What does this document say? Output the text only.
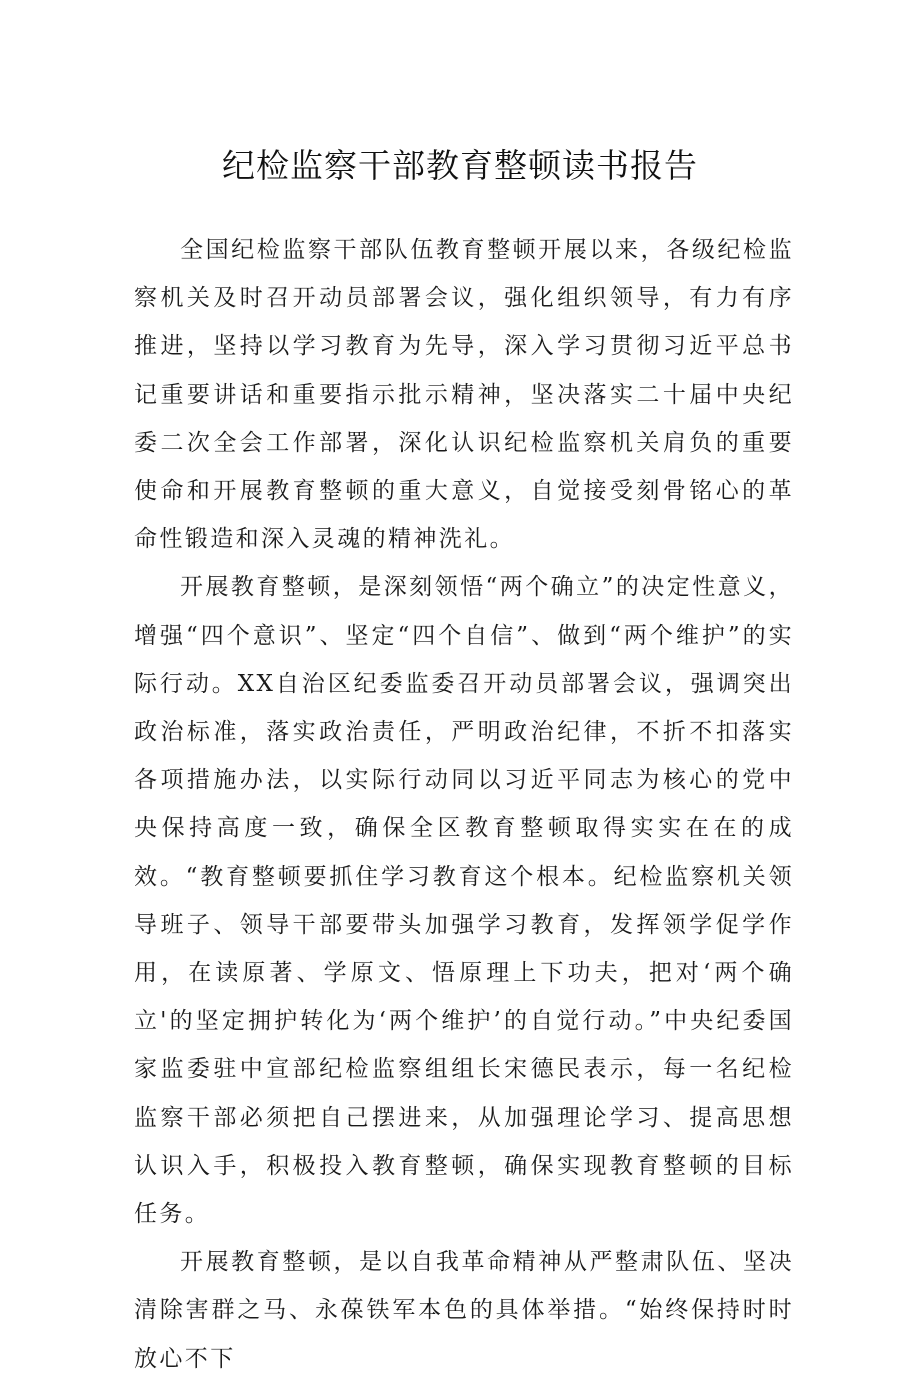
纪检监察干部教育整顿读书报告

全国纪检监察干部队伍教育整顿开展以来，各级纪检监察机关及时召开动员部署会议，强化组织领导，有力有序推进，坚持以学习教育为先导，深入学习贯彻习近平总书记重要讲话和重要指示批示精神，坚决落实二十届中央纪委二次全会工作部署，深化认识纪检监察机关肩负的重要使命和开展教育整顿的重大意义，自觉接受刻骨铭心的革命性锻造和深入灵魂的精神洗礼。

开展教育整顿，是深刻领悟“两个确立”的决定性意义，增强“四个意识”、坚定“四个自信”、做到“两个维护”的实际行动。XX自治区纪委监委召开动员部署会议，强调突出政治标准，落实政治责任，严明政治纪律，不折不扣落实各项措施办法，以实际行动同以习近平同志为核心的党中央保持高度一致，确保全区教育整顿取得实实在在的成效。“教育整顿要抓住学习教育这个根本。纪检监察机关领导班子、领导干部要带头加强学习教育，发挥领学促学作用，在读原著、学原文、悟原理上下功夫，把对‘两个确立'的坚定拥护转化为‘两个维护’的自觉行动。”中央纪委国家监委驻中宣部纪检监察组组长宋德民表示，每一名纪检监察干部必须把自己摆进来，从加强理论学习、提高思想认识入手，积极投入教育整顿，确保实现教育整顿的目标任务。

开展教育整顿，是以自我革命精神从严整肃队伍、坚决清除害群之马、永葆铁军本色的具体举措。“始终保持时时放心不下
